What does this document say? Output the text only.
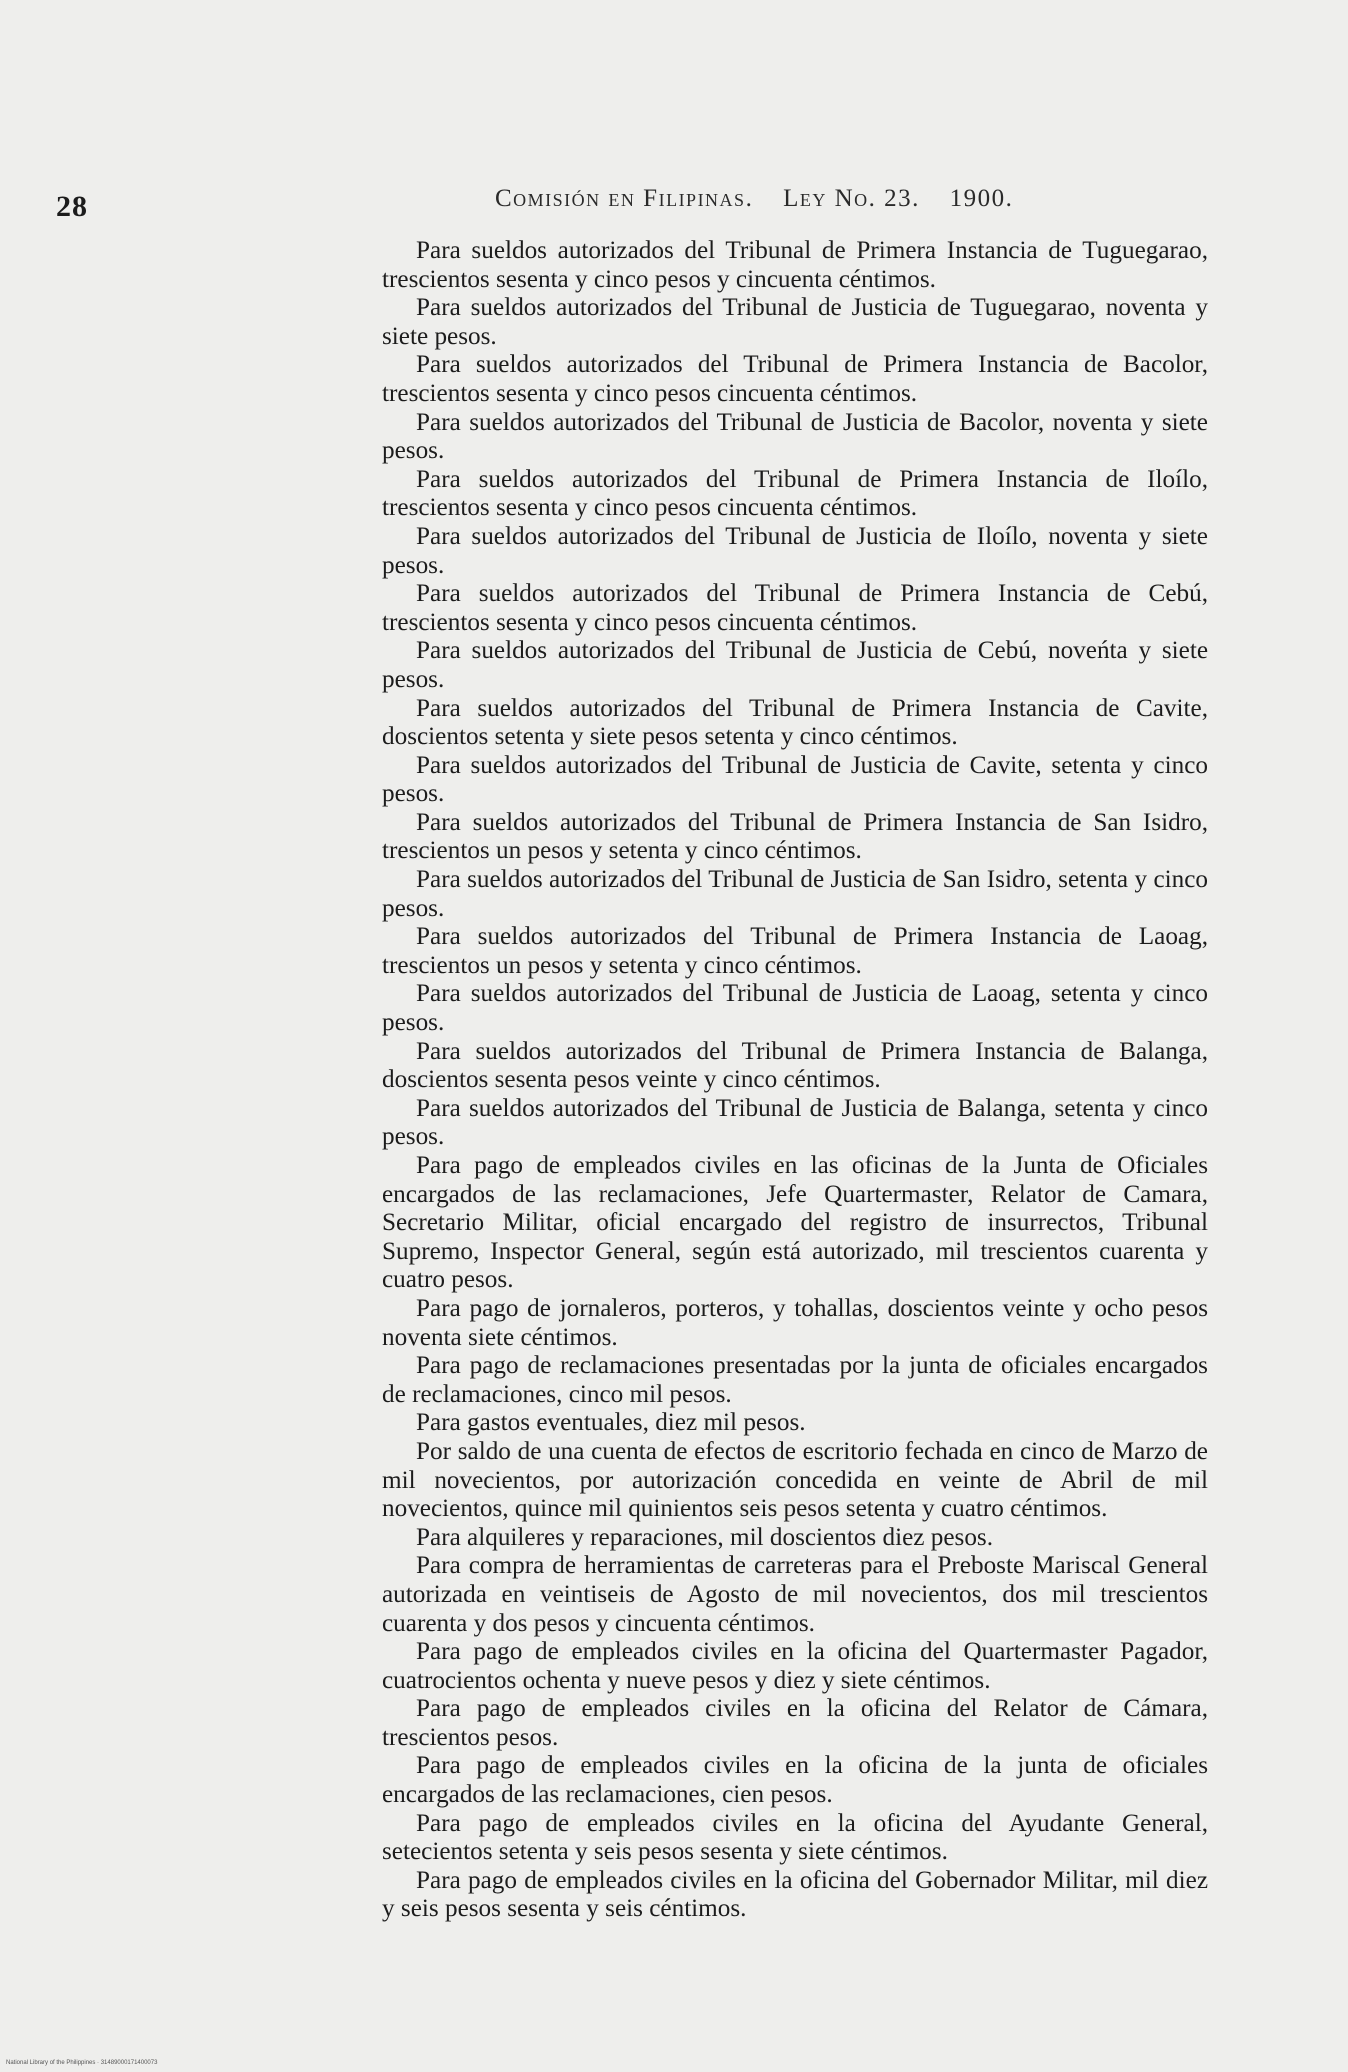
28	Comisión en Filipinas. Ley No. 23. 1900.

Para sueldos autorizados del Tribunal de Primera Instancia de Tuguegarao, trescientos sesenta y cinco pesos y cincuenta céntimos.

Para sueldos autorizados del Tribunal de Justicia de Tuguegarao, noventa y siete pesos.

Para sueldos autorizados del Tribunal de Primera Instancia de Bacolor, trescientos sesenta y cinco pesos cincuenta céntimos.

Para sueldos autorizados del Tribunal de Justicia de Bacolor, noventa y siete pesos.

Para sueldos autorizados del Tribunal de Primera Instancia de Iloílo, trescientos sesenta y cinco pesos cincuenta céntimos.

Para sueldos autorizados del Tribunal de Justicia de Iloílo, noventa y siete pesos.

Para sueldos autorizados del Tribunal de Primera Instancia de Cebú, trescientos sesenta y cinco pesos cincuenta céntimos.

Para sueldos autorizados del Tribunal de Justicia de Cebú, noveńta y siete pesos.

Para sueldos autorizados del Tribunal de Primera Instancia de Cavite, doscientos setenta y siete pesos setenta y cinco céntimos.

Para sueldos autorizados del Tribunal de Justicia de Cavite, setenta y cinco pesos.

Para sueldos autorizados del Tribunal de Primera Instancia de San Isidro, trescientos un pesos y setenta y cinco céntimos.

Para sueldos autorizados del Tribunal de Justicia de San Isidro, setenta y cinco pesos.

Para sueldos autorizados del Tribunal de Primera Instancia de Laoag, trescientos un pesos y setenta y cinco céntimos.

Para sueldos autorizados del Tribunal de Justicia de Laoag, setenta y cinco pesos.

Para sueldos autorizados del Tribunal de Primera Instancia de Balanga, doscientos sesenta pesos veinte y cinco céntimos.

Para sueldos autorizados del Tribunal de Justicia de Balanga, setenta y cinco pesos.

Para pago de empleados civiles en las oficinas de la Junta de Oficiales encargados de las reclamaciones, Jefe Quartermaster, Relator de Camara, Secretario Militar, oficial encargado del registro de insurrectos, Tribunal Supremo, Inspector General, según está autorizado, mil trescientos cuarenta y cuatro pesos.

Para pago de jornaleros, porteros, y tohallas, doscientos veinte y ocho pesos noventa siete céntimos.

Para pago de reclamaciones presentadas por la junta de oficiales encargados de reclamaciones, cinco mil pesos.

Para gastos eventuales, diez mil pesos.

Por saldo de una cuenta de efectos de escritorio fechada en cinco de Marzo de mil novecientos, por autorización concedida en veinte de Abril de mil novecientos, quince mil quinientos seis pesos setenta y cuatro céntimos.

Para alquileres y reparaciones, mil doscientos diez pesos.

Para compra de herramientas de carreteras para el Preboste Mariscal General autorizada en veintiseis de Agosto de mil novecientos, dos mil trescientos cuarenta y dos pesos y cincuenta céntimos.

Para pago de empleados civiles en la oficina del Quartermaster Pagador, cuatrocientos ochenta y nueve pesos y diez y siete céntimos.

Para pago de empleados civiles en la oficina del Relator de Cámara, trescientos pesos.

Para pago de empleados civiles en la oficina de la junta de oficiales encargados de las reclamaciones, cien pesos.

Para pago de empleados civiles en la oficina del Ayudante General, setecientos setenta y seis pesos sesenta y siete céntimos.

Para pago de empleados civiles en la oficina del Gobernador Militar, mil diez y seis pesos sesenta y seis céntimos.

National Library of the Philippines · 31489000171400073
